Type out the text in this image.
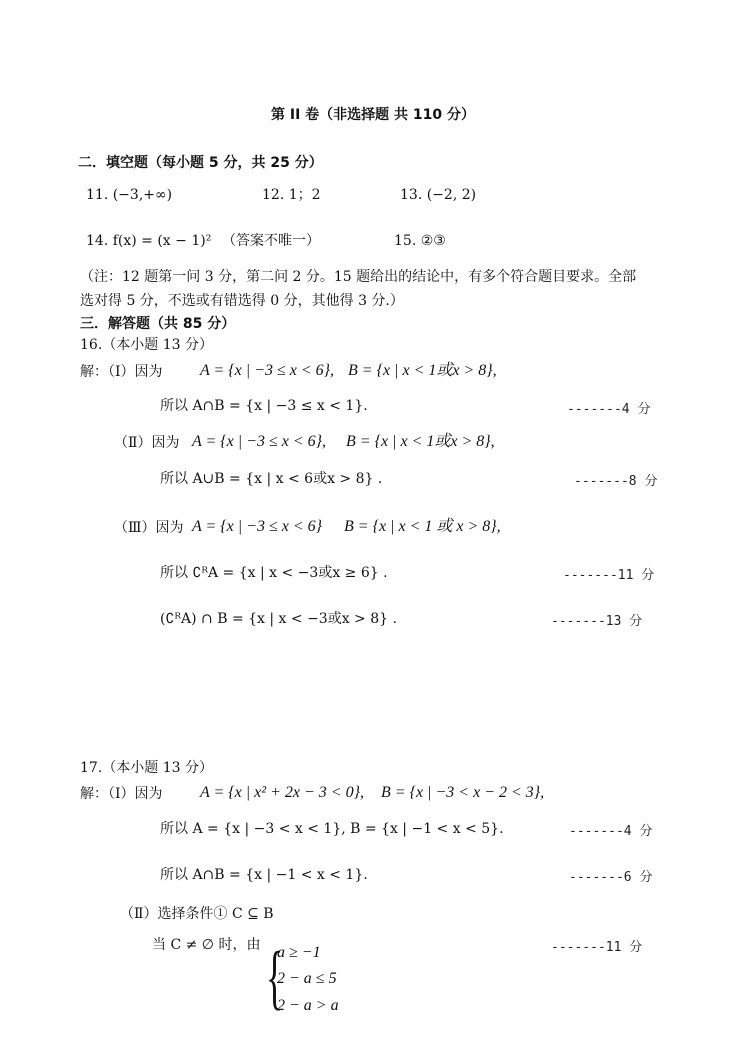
第 II 卷（非选择题 共 110 分）
二．填空题（每小题 5 分，共 25 分）
11. (−3,+∞)	12. 1；2	13. (−2, 2)
14. f(x) = (x − 1)² （答案不唯一）	15. ②③
（注：12 题第一问 3 分，第二问 2 分。15 题给出的结论中，有多个符合题目要求。全部
选对得 5 分，不选或有错选得 0 分，其他得 3 分.）
三．解答题（共 85 分）
16.（本小题 13 分）
解：（Ⅰ）因为 A = {x | −3 ≤ x < 6}, B = {x | x < 1或x > 8},
所以 A∩B = {x | −3 ≤ x < 1}.	-------4 分
（Ⅱ）因为 A = {x | −3 ≤ x < 6}, B = {x | x < 1或x > 8},
所以 A∪B = {x | x < 6或x > 8} .	-------8 分
（Ⅲ）因为 A = {x | −3 ≤ x < 6} B = {x | x < 1 或 x > 8},
所以 ∁ᴿA = {x | x < −3或x ≥ 6} .	-------11 分
(∁ᴿA) ∩ B = {x | x < −3或x > 8} .	-------13 分
17.（本小题 13 分）
解：（Ⅰ）因为 A = {x | x² + 2x − 3 < 0}, B = {x | −3 < x − 2 < 3},
所以 A = {x | −3 < x < 1}, B = {x | −1 < x < 5}.	-------4 分
所以 A∩B = {x | −1 < x < 1}.	-------6 分
（Ⅱ）选择条件① C ⊆ B
当 C ≠ ∅ 时，由	-------11 分
{
a ≥ −1
2 − a ≤ 5
2 − a > a
